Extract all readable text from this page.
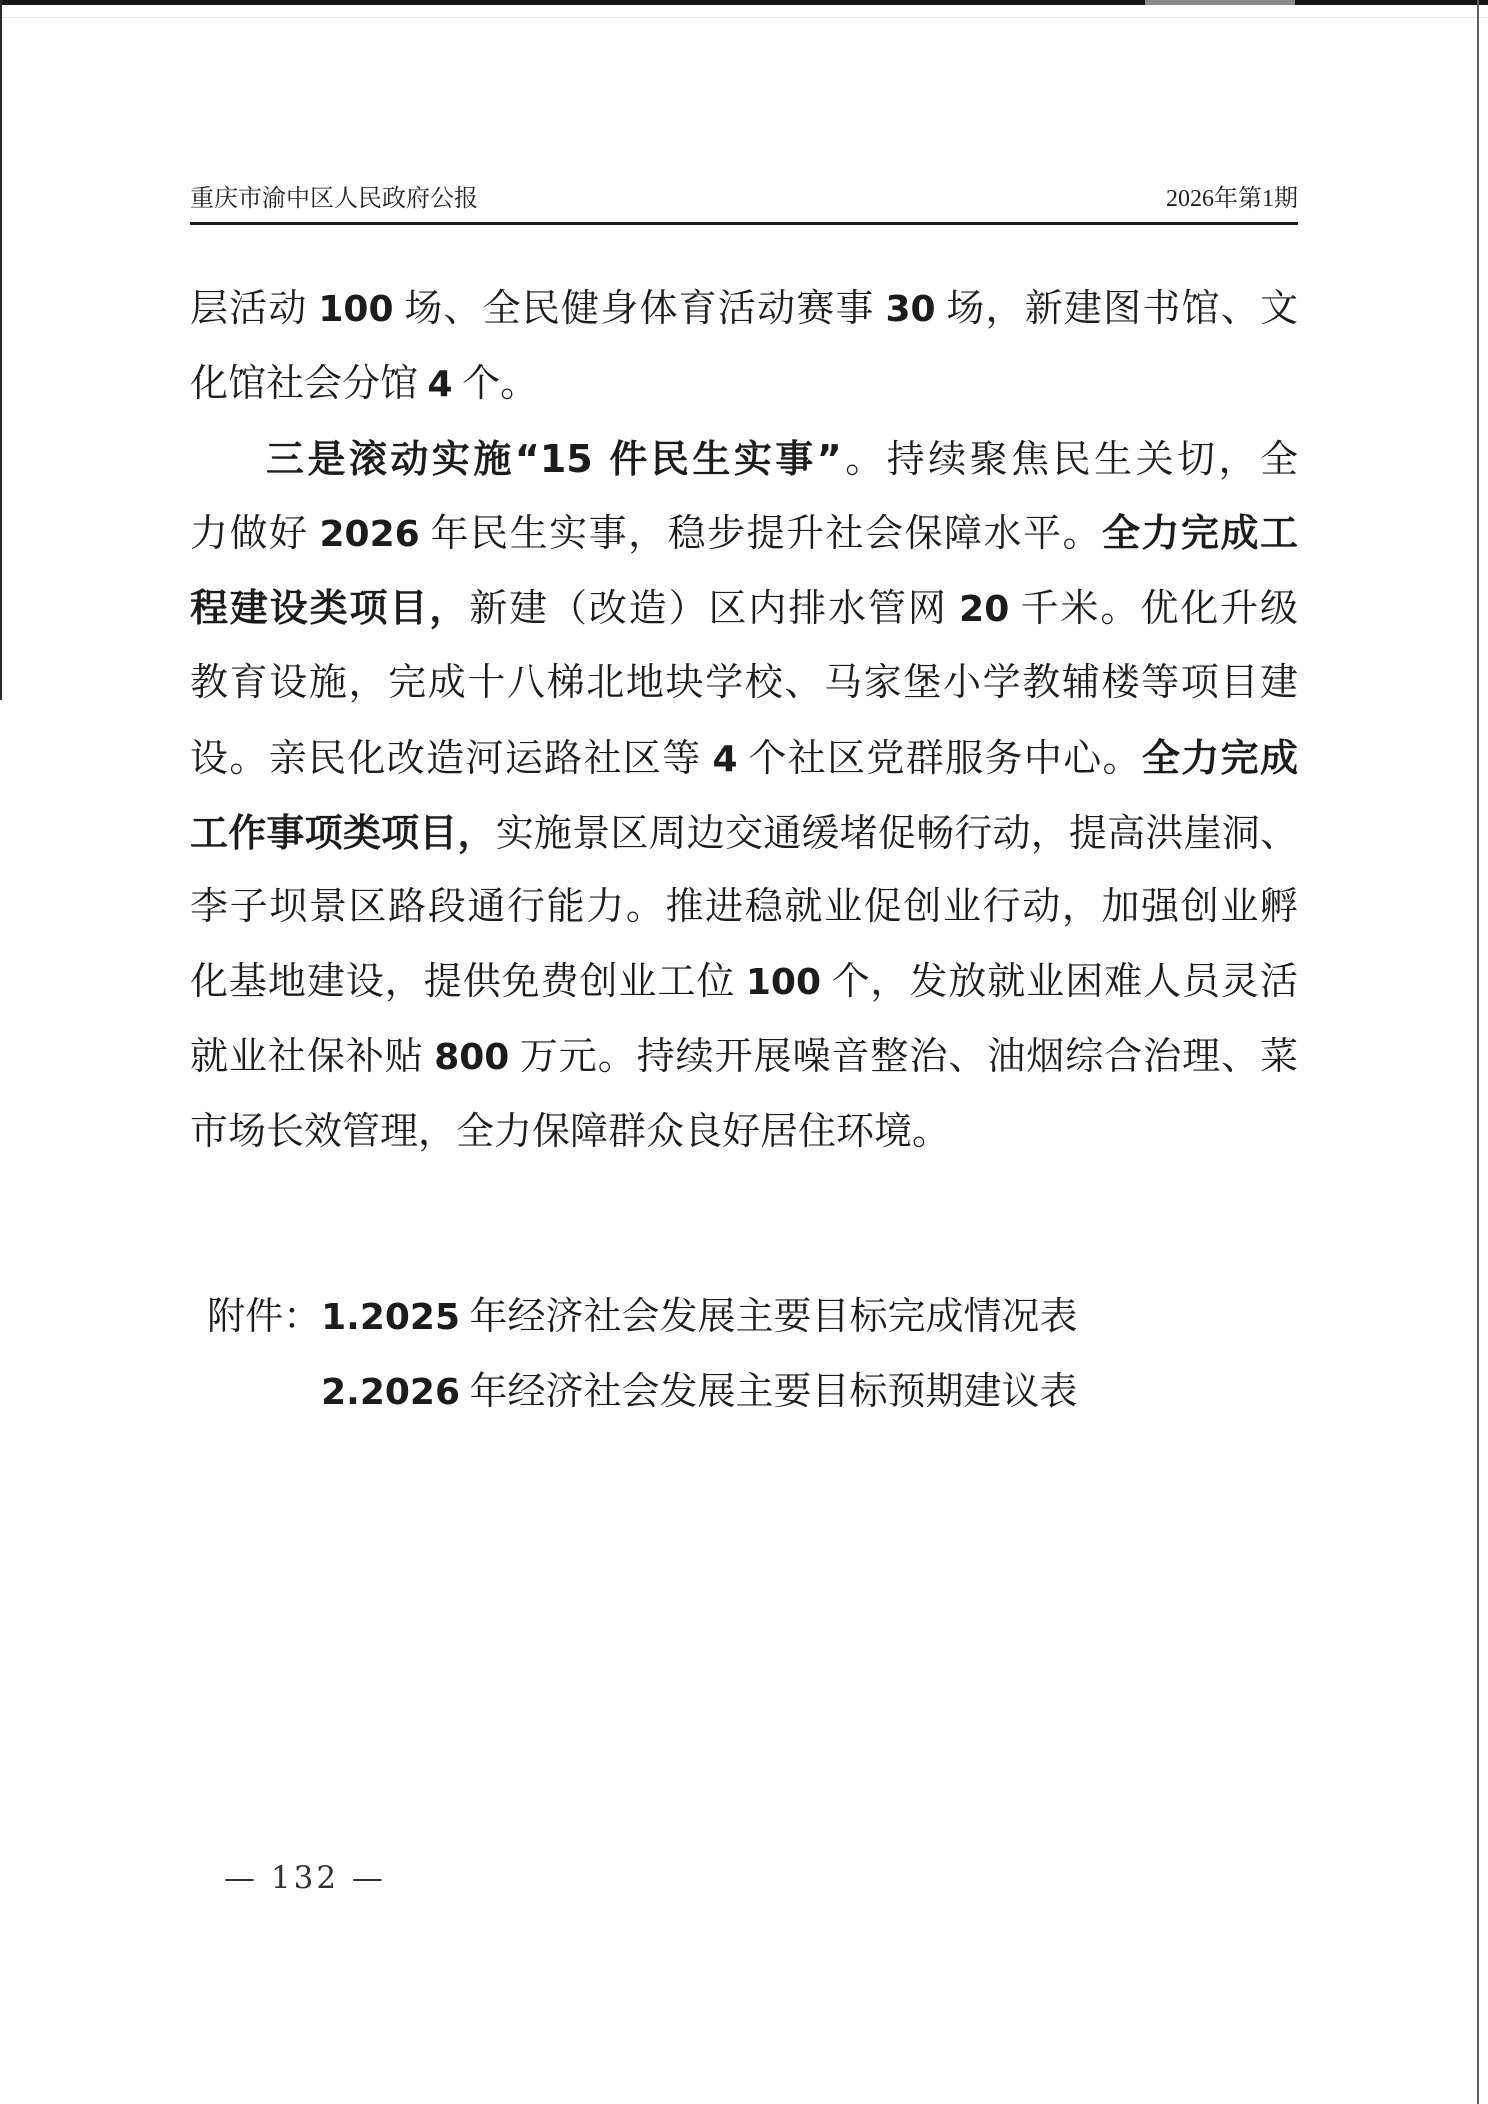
重庆市渝中区人民政府公报	2026年第1期
层活动 100 场、全民健身体育活动赛事 30 场，新建图书馆、文
化馆社会分馆 4 个。
三是滚动实施“15 件民生实事”。持续聚焦民生关切，全
力做好 2026 年民生实事，稳步提升社会保障水平。全力完成工
程建设类项目，新建（改造）区内排水管网 20 千米。优化升级
教育设施，完成十八梯北地块学校、马家堡小学教辅楼等项目建
设。亲民化改造河运路社区等 4 个社区党群服务中心。全力完成
工作事项类项目，实施景区周边交通缓堵促畅行动，提高洪崖洞、
李子坝景区路段通行能力。推进稳就业促创业行动，加强创业孵
化基地建设，提供免费创业工位 100 个，发放就业困难人员灵活
就业社保补贴 800 万元。持续开展噪音整治、油烟综合治理、菜
市场长效管理，全力保障群众良好居住环境。
附件：1.2025 年经济社会发展主要目标完成情况表
2.2026 年经济社会发展主要目标预期建议表
— 132 —
